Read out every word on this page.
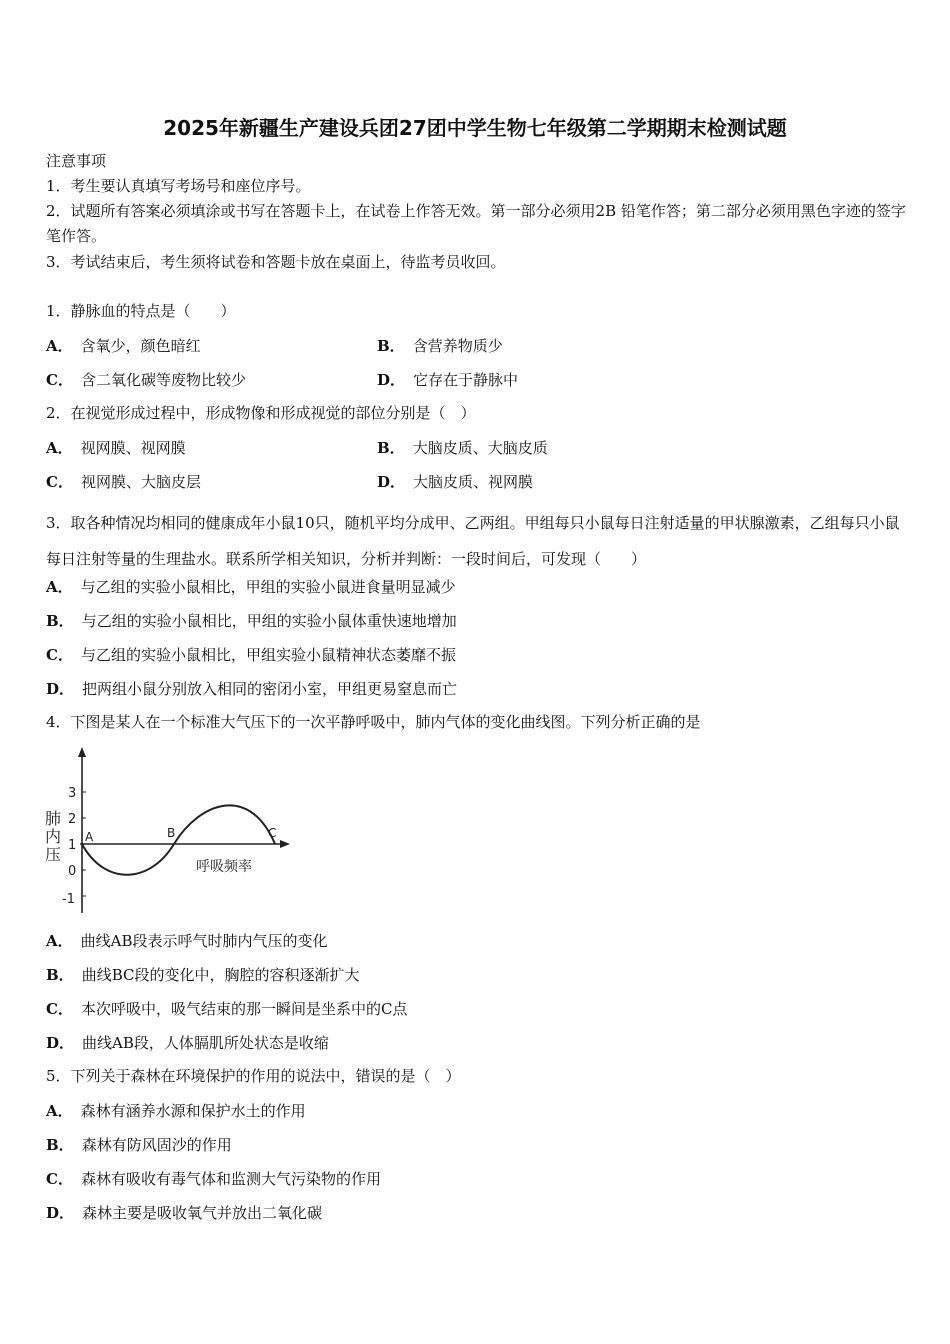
2025年新疆生产建设兵团27团中学生物七年级第二学期期末检测试题
注意事项
1．考生要认真填写考场号和座位序号。
2．试题所有答案必须填涂或书写在答题卡上，在试卷上作答无效。第一部分必须用2B 铅笔作答；第二部分必须用黑色字迹的签字笔作答。
3．考试结束后，考生须将试卷和答题卡放在桌面上，待监考员收回。
1．静脉血的特点是（　　）
A． 含氧少，颜色暗红	B． 含营养物质少
C． 含二氧化碳等废物比较少	D． 它存在于静脉中
2．在视觉形成过程中，形成物像和形成视觉的部位分别是（　）
A． 视网膜、视网膜	B． 大脑皮质、大脑皮质
C． 视网膜、大脑皮层	D． 大脑皮质、视网膜
3．取各种情况均相同的健康成年小鼠10只，随机平均分成甲、乙两组。甲组每只小鼠每日注射适量的甲状腺激素，乙组每只小鼠每日注射等量的生理盐水。联系所学相关知识，分析并判断：一段时间后，可发现（　　）
A． 与乙组的实验小鼠相比，甲组的实验小鼠进食量明显减少
B． 与乙组的实验小鼠相比，甲组的实验小鼠体重快速地增加
C． 与乙组的实验小鼠相比，甲组实验小鼠精神状态萎靡不振
D． 把两组小鼠分别放入相同的密闭小室，甲组更易窒息而亡
4．下图是某人在一个标准大气压下的一次平静呼吸中，肺内气体的变化曲线图。下列分析正确的是
3
2
1
0
-1
肺
内
压
A	B	C
呼吸频率
A． 曲线AB段表示呼气时肺内气压的变化
B． 曲线BC段的变化中，胸腔的容积逐渐扩大
C． 本次呼吸中，吸气结束的那一瞬间是坐系中的C点
D． 曲线AB段，人体膈肌所处状态是收缩
5．下列关于森林在环境保护的作用的说法中，错误的是（　）
A． 森林有涵养水源和保护水土的作用
B． 森林有防风固沙的作用
C． 森林有吸收有毒气体和监测大气污染物的作用
D． 森林主要是吸收氧气并放出二氧化碳
